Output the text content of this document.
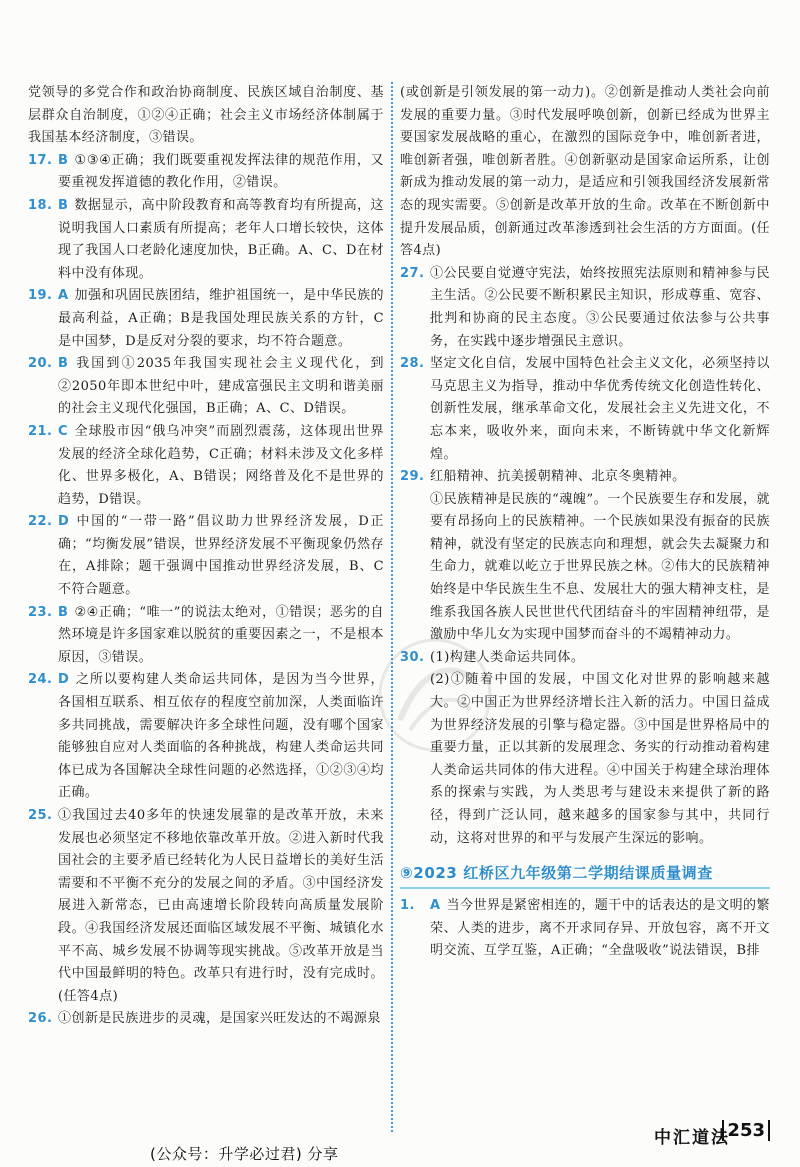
党领导的多党合作和政治协商制度、民族区域自治制度、基层群众自治制度，①②④正确；社会主义市场经济体制属于我国基本经济制度，③错误。

17. B ①③④正确；我们既要重视发挥法律的规范作用，又要重视发挥道德的教化作用，②错误。

18. B 数据显示，高中阶段教育和高等教育均有所提高，这说明我国人口素质有所提高；老年人口增长较快，这体现了我国人口老龄化速度加快，B正确。A、C、D在材料中没有体现。

19. A 加强和巩固民族团结，维护祖国统一，是中华民族的最高利益，A正确；B是我国处理民族关系的方针，C是中国梦，D是反对分裂的要求，均不符合题意。

20. B 我国到①2035年我国实现社会主义现代化，到②2050年即本世纪中叶，建成富强民主文明和谐美丽的社会主义现代化强国，B正确；A、C、D错误。

21. C 全球股市因“俄乌冲突”而剧烈震荡，这体现出世界发展的经济全球化趋势，C正确；材料未涉及文化多样化、世界多极化，A、B错误；网络普及化不是世界的趋势，D错误。

22. D 中国的“一带一路”倡议助力世界经济发展，D正确；“均衡发展”错误，世界经济发展不平衡现象仍然存在，A排除；题干强调中国推动世界经济发展，B、C不符合题意。

23. B ②④正确；“唯一”的说法太绝对，①错误；恶劣的自然环境是许多国家难以脱贫的重要因素之一，不是根本原因，③错误。

24. D 之所以要构建人类命运共同体，是因为当今世界，各国相互联系、相互依存的程度空前加深，人类面临许多共同挑战，需要解决许多全球性问题，没有哪个国家能够独自应对人类面临的各种挑战，构建人类命运共同体已成为各国解决全球性问题的必然选择，①②③④均正确。

25. ①我国过去40多年的快速发展靠的是改革开放，未来发展也必须坚定不移地依靠改革开放。②进入新时代我国社会的主要矛盾已经转化为人民日益增长的美好生活需要和不平衡不充分的发展之间的矛盾。③中国经济发展进入新常态，已由高速增长阶段转向高质量发展阶段。④我国经济发展还面临区域发展不平衡、城镇化水平不高、城乡发展不协调等现实挑战。⑤改革开放是当代中国最鲜明的特色。改革只有进行时，没有完成时。(任答4点)

26. ①创新是民族进步的灵魂，是国家兴旺发达的不竭源泉

(或创新是引领发展的第一动力)。②创新是推动人类社会向前发展的重要力量。③时代发展呼唤创新，创新已经成为世界主要国家发展战略的重心，在激烈的国际竞争中，唯创新者进，唯创新者强，唯创新者胜。④创新驱动是国家命运所系，让创新成为推动发展的第一动力，是适应和引领我国经济发展新常态的现实需要。⑤创新是改革开放的生命。改革在不断创新中提升发展品质，创新通过改革渗透到社会生活的方方面面。(任答4点)

27. ①公民要自觉遵守宪法，始终按照宪法原则和精神参与民主生活。②公民要不断积累民主知识，形成尊重、宽容、批判和协商的民主态度。③公民要通过依法参与公共事务，在实践中逐步增强民主意识。

28. 坚定文化自信，发展中国特色社会主义文化，必须坚持以马克思主义为指导，推动中华优秀传统文化创造性转化、创新性发展，继承革命文化，发展社会主义先进文化，不忘本来，吸收外来，面向未来，不断铸就中华文化新辉煌。

29. 红船精神、抗美援朝精神、北京冬奥精神。

①民族精神是民族的“魂魄”。一个民族要生存和发展，就要有昂扬向上的民族精神。一个民族如果没有振奋的民族精神，就没有坚定的民族志向和理想，就会失去凝聚力和生命力，就难以屹立于世界民族之林。②伟大的民族精神始终是中华民族生生不息、发展壮大的强大精神支柱，是维系我国各族人民世世代代团结奋斗的牢固精神纽带，是激励中华儿女为实现中国梦而奋斗的不竭精神动力。

30. (1)构建人类命运共同体。

(2)①随着中国的发展，中国文化对世界的影响越来越大。②中国正为世界经济增长注入新的活力。中国日益成为世界经济发展的引擎与稳定器。③中国是世界格局中的重要力量，正以其新的发展理念、务实的行动推动着构建人类命运共同体的伟大进程。④中国关于构建全球治理体系的探索与实践，为人类思考与建设未来提供了新的路径，得到广泛认同，越来越多的国家参与其中，共同行动，这将对世界的和平与发展产生深远的影响。

⑨2023 红桥区九年级第二学期结课质量调查

1. A 当今世界是紧密相连的，题干中的话表达的是文明的繁荣、人类的进步，离不开求同存异、开放包容，离不开文明交流、互学互鉴，A正确；“全盘吸收”说法错误，B排

中汇道法
253
(公众号：升学必过君) 分享
